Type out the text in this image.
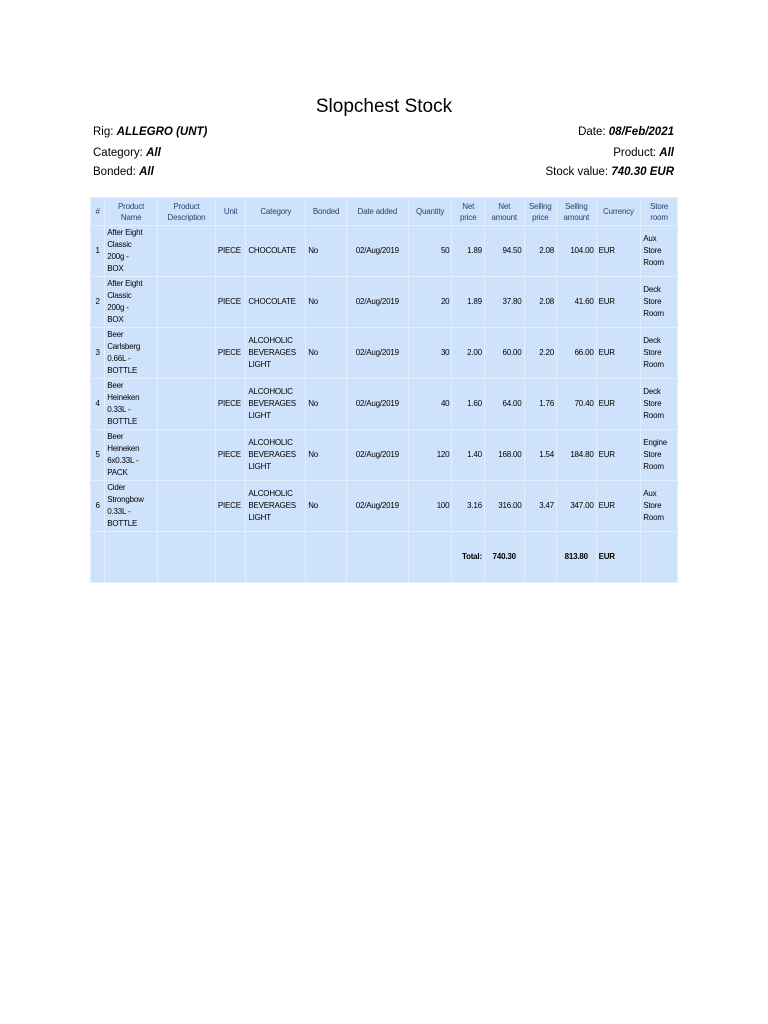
Slopchest Stock
Rig: ALLEGRO (UNT)	Date: 08/Feb/2021
Category: All	Product: All
Bonded: All	Stock value: 740.30 EUR
#	Product
Name	Product
Description	Unit	Category	Bonded	Date added	Quantity	Net
price	Net
amount	Selling
price	Selling
amount	Currency	Store
room
1	After Eight
Classic
200g -
BOX		PIECE	CHOCOLATE	No	02/Aug/2019	50	1.89	94.50	2.08	104.00	EUR	Aux
Store
Room
2	After Eight
Classic
200g -
BOX		PIECE	CHOCOLATE	No	02/Aug/2019	20	1.89	37.80	2.08	41.60	EUR	Deck
Store
Room
3	Beer
Carlsberg
0.66L -
BOTTLE		PIECE	ALCOHOLIC
BEVERAGES
LIGHT	No	02/Aug/2019	30	2.00	60.00	2.20	66.00	EUR	Deck
Store
Room
4	Beer
Heineken
0.33L -
BOTTLE		PIECE	ALCOHOLIC
BEVERAGES
LIGHT	No	02/Aug/2019	40	1.60	64.00	1.76	70.40	EUR	Deck
Store
Room
5	Beer
Heineken
6x0.33L -
PACK		PIECE	ALCOHOLIC
BEVERAGES
LIGHT	No	02/Aug/2019	120	1.40	168.00	1.54	184.80	EUR	Engine
Store
Room
6	Cider
Strongbow
0.33L -
BOTTLE		PIECE	ALCOHOLIC
BEVERAGES
LIGHT	No	02/Aug/2019	100	3.16	316.00	3.47	347.00	EUR	Aux
Store
Room
								Total:	740.30		813.80	EUR	
